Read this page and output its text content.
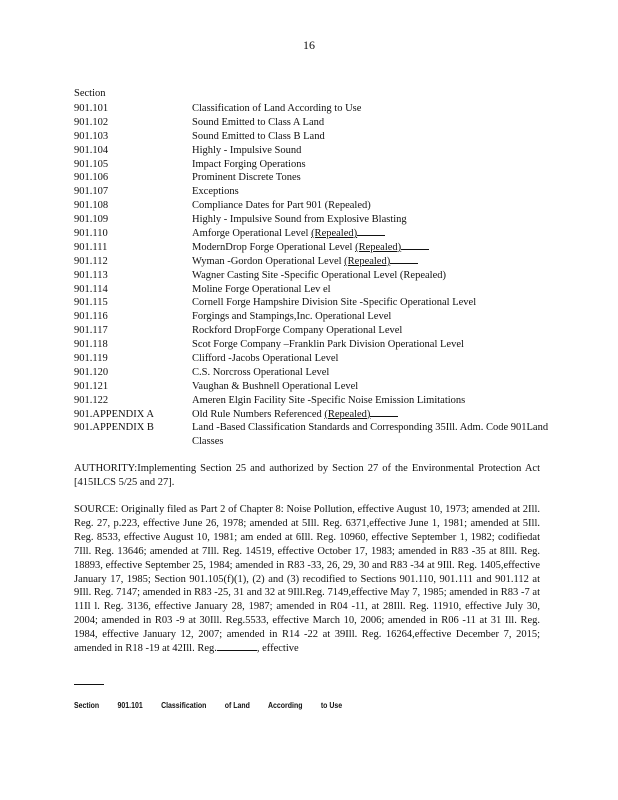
16
Section
901.101	Classification of Land According to Use
901.102	Sound Emitted to Class A Land
901.103	Sound Emitted to Class B Land
901.104	Highly - Impulsive Sound
901.105	Impact Forging Operations
901.106	Prominent Discrete Tones
901.107	Exceptions
901.108	Compliance Dates for Part 901 (Repealed)
901.109	Highly - Impulsive Sound from Explosive Blasting
901.110	Amforge Operational Level (Repealed)
901.111	ModernDrop Forge Operational Level (Repealed)
901.112	Wyman -Gordon Operational Level (Repealed)
901.113	Wagner Casting Site -Specific Operational Level (Repealed)
901.114	Moline Forge Operational Lev el
901.115	Cornell Forge Hampshire Division Site -Specific Operational Level
901.116	Forgings and Stampings,Inc. Operational Level
901.117	Rockford DropForge Company Operational Level
901.118	Scot Forge Company –Franklin Park Division Operational Level
901.119	Clifford -Jacobs Operational Level
901.120	C.S. Norcross Operational Level
901.121	Vaughan & Bushnell Operational Level
901.122	Ameren Elgin Facility Site -Specific Noise Emission Limitations
901.APPENDIX A	Old Rule Numbers Referenced (Repealed)
901.APPENDIX B	Land -Based Classification Standards and Corresponding 35Ill. Adm. Code 901Land Classes
AUTHORITY:Implementing Section 25 and authorized by Section 27 of the Environmental Protection Act [415ILCS 5/25 and 27].
SOURCE: Originally filed as Part 2 of Chapter 8: Noise Pollution, effective August 10, 1973; amended at 2Ill. Reg. 27, p.223, effective June 26, 1978; amended at 5Ill. Reg. 6371,effective June 1, 1981; amended at 5Ill. Reg. 8533, effective August 10, 1981; am ended at 6Ill. Reg. 10960, effective September 1, 1982; codifiedat 7Ill. Reg. 13646; amended at 7Ill. Reg. 14519, effective October 17, 1983; amended in R83 -35 at 8Ill. Reg. 18893, effective September 25, 1984; amended in R83 -33, 26, 29, 30 and R83 -34 at 9Ill. Reg. 1405,effective January 17, 1985; Section 901.105(f)(1), (2) and (3) recodified to Sections 901.110, 901.111 and 901.112 at 9Ill. Reg. 7147; amended in R83 -25, 31 and 32 at 9Ill.Reg. 7149,effective May 7, 1985; amended in R83 -7 at 11Il l. Reg. 3136, effective January 28, 1987; amended in R04 -11, at 28Ill. Reg. 11910, effective July 30, 2004; amended in R03 -9 at 30Ill. Reg.5533, effective March 10, 2006; amended in R06 -11 at 31 Ill. Reg. 1984, effective January 12, 2007; amended in R14 -22 at 39Ill. Reg. 16264,effective December 7, 2015; amended in R18 -19 at 42Ill. Reg.	, effective
Section 901.101 Classification of Land According to Use
